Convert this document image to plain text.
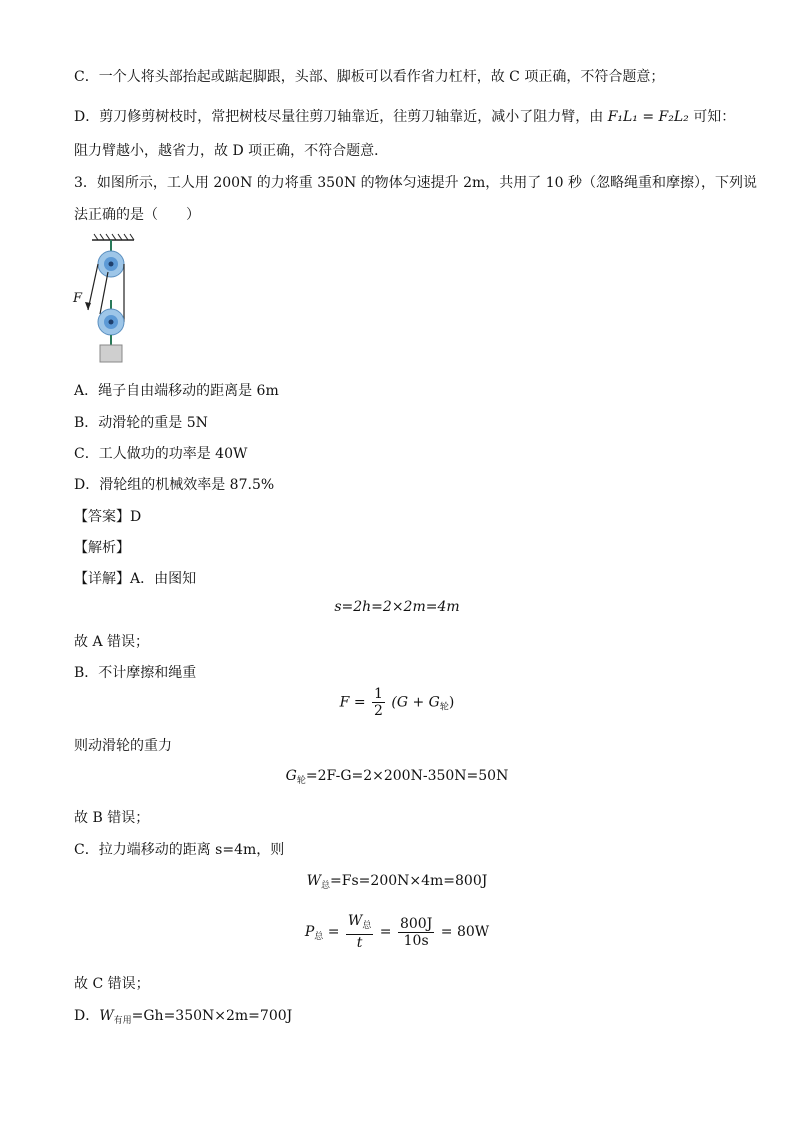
C．一个人将头部抬起或踮起脚跟，头部、脚板可以看作省力杠杆，故 C 项正确，不符合题意；
D．剪刀修剪树枝时，常把树枝尽量往剪刀轴靠近，往剪刀轴靠近，减小了阻力臂，由 F₁L₁ = F₂L₂ 可知：
阻力臂越小，越省力，故 D 项正确，不符合题意．
3．如图所示，工人用 200N 的力将重 350N 的物体匀速提升 2m，共用了 10 秒（忽略绳重和摩擦），下列说
法正确的是（　　）
F
A．绳子自由端移动的距离是 6m
B．动滑轮的重是 5N
C．工人做功的功率是 40W
D．滑轮组的机械效率是 87.5%
【答案】D
【解析】
【详解】A．由图知
s=2h=2×2m=4m
故 A 错误；
B．不计摩擦和绳重
$F = \frac{1}{2} (G + G_轮)$
则动滑轮的重力
$G_轮=2F-G=2\times 200N-350N=50N$
故 B 错误；
C．拉力端移动的距离 s=4m，则
$W_总=Fs=200N\times 4m=800J$
$P_总 = \frac{W_总}{t} = \frac{800J}{10s} = 80W$
故 C 错误；
D．$W_{有用}=Gh=350N\times 2m=700J$
